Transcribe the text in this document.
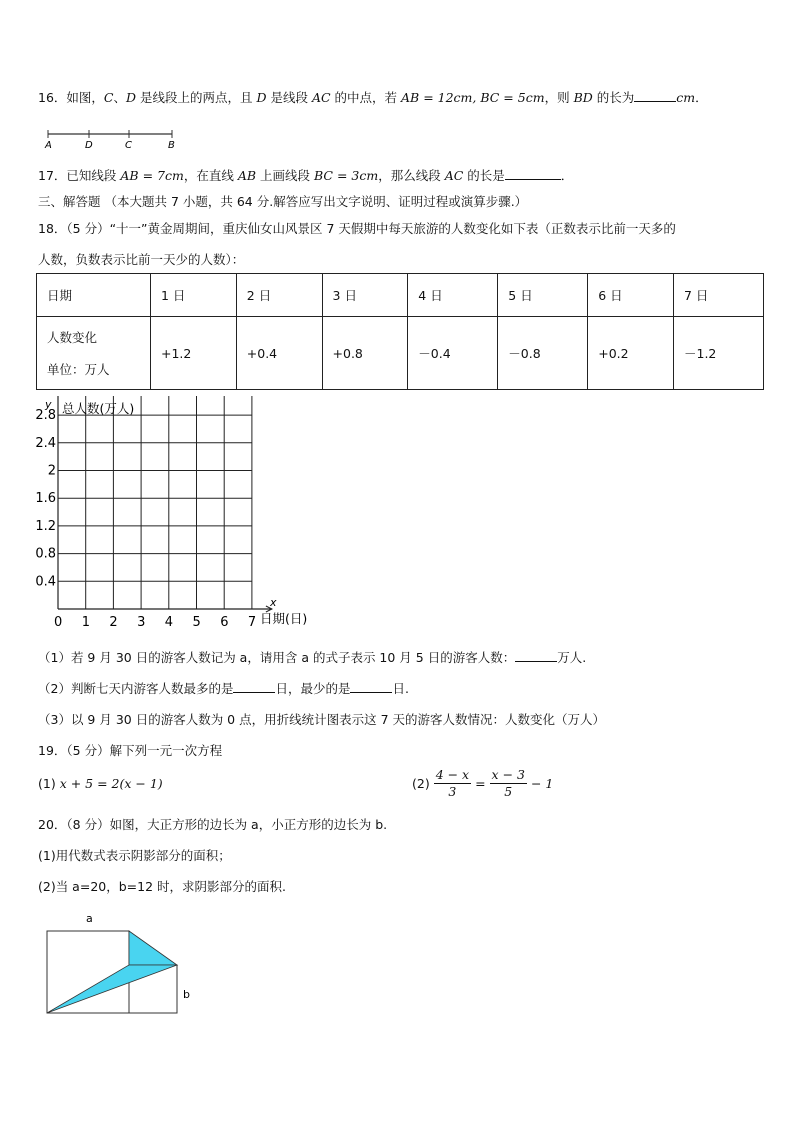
16．如图，C、D 是线段上的两点，且 D 是线段 AC 的中点，若 AB = 12cm, BC = 5cm，则 BD 的长为	cm．
A	D	C	B
17．已知线段 AB = 7cm，在直线 AB 上画线段 BC = 3cm，那么线段 AC 的长是	．
三、解答题 （本大题共 7 小题，共 64 分.解答应写出文字说明、证明过程或演算步骤.）
18．（5 分）“十一”黄金周期间，重庆仙女山风景区 7 天假期中每天旅游的人数变化如下表（正数表示比前一天多的
人数，负数表示比前一天少的人数）：
日期	1 日	2 日	3 日	4 日	5 日	6 日	7 日

人数变化
单位：万人	+1.2	+0.4	+0.8	－0.4	－0.8	+0.2	－1.2
0 1 2 3 4 5 6 7
0.4
0.8
1.2
1.6
2
2.4
2.8 总人数(万人)
y
日期(日)
x
（1）若 9 月 30 日的游客人数记为 a，请用含 a 的式子表示 10 月 5 日的游客人数：	万人.
（2）判断七天内游客人数最多的是	日，最少的是	日.
（3）以 9 月 30 日的游客人数为 0 点，用折线统计图表示这 7 天的游客人数情况：人数变化（万人）
19．（5 分）解下列一元一次方程
(1) x + 5 = 2(x − 1)	$(2) \frac{4 - x}{3} = \frac{x - 3}{5} - 1$
20．（8 分）如图，大正方形的边长为 a，小正方形的边长为 b.
(1)用代数式表示阴影部分的面积；
(2)当 a=20，b=12 时，求阴影部分的面积.
a
b
